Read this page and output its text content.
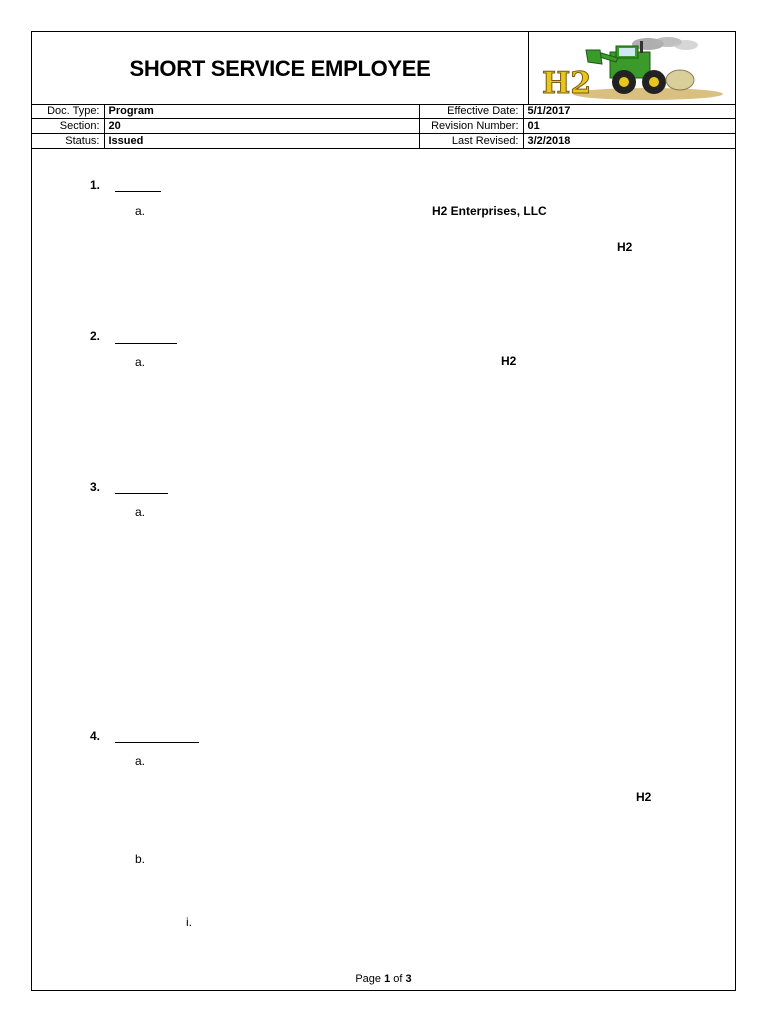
SHORT SERVICE EMPLOYEE	H2
Doc. Type:	Program	Effective Date:	5/1/2017
Section:	20	Revision Number:	01
Status:	Issued	Last Revised:	3/2/2018
1.
a.	H2 Enterprises, LLC
H2
2.
a.	H2
3.
a.
4.
a.
H2
b.
i.
Page 1 of 3
